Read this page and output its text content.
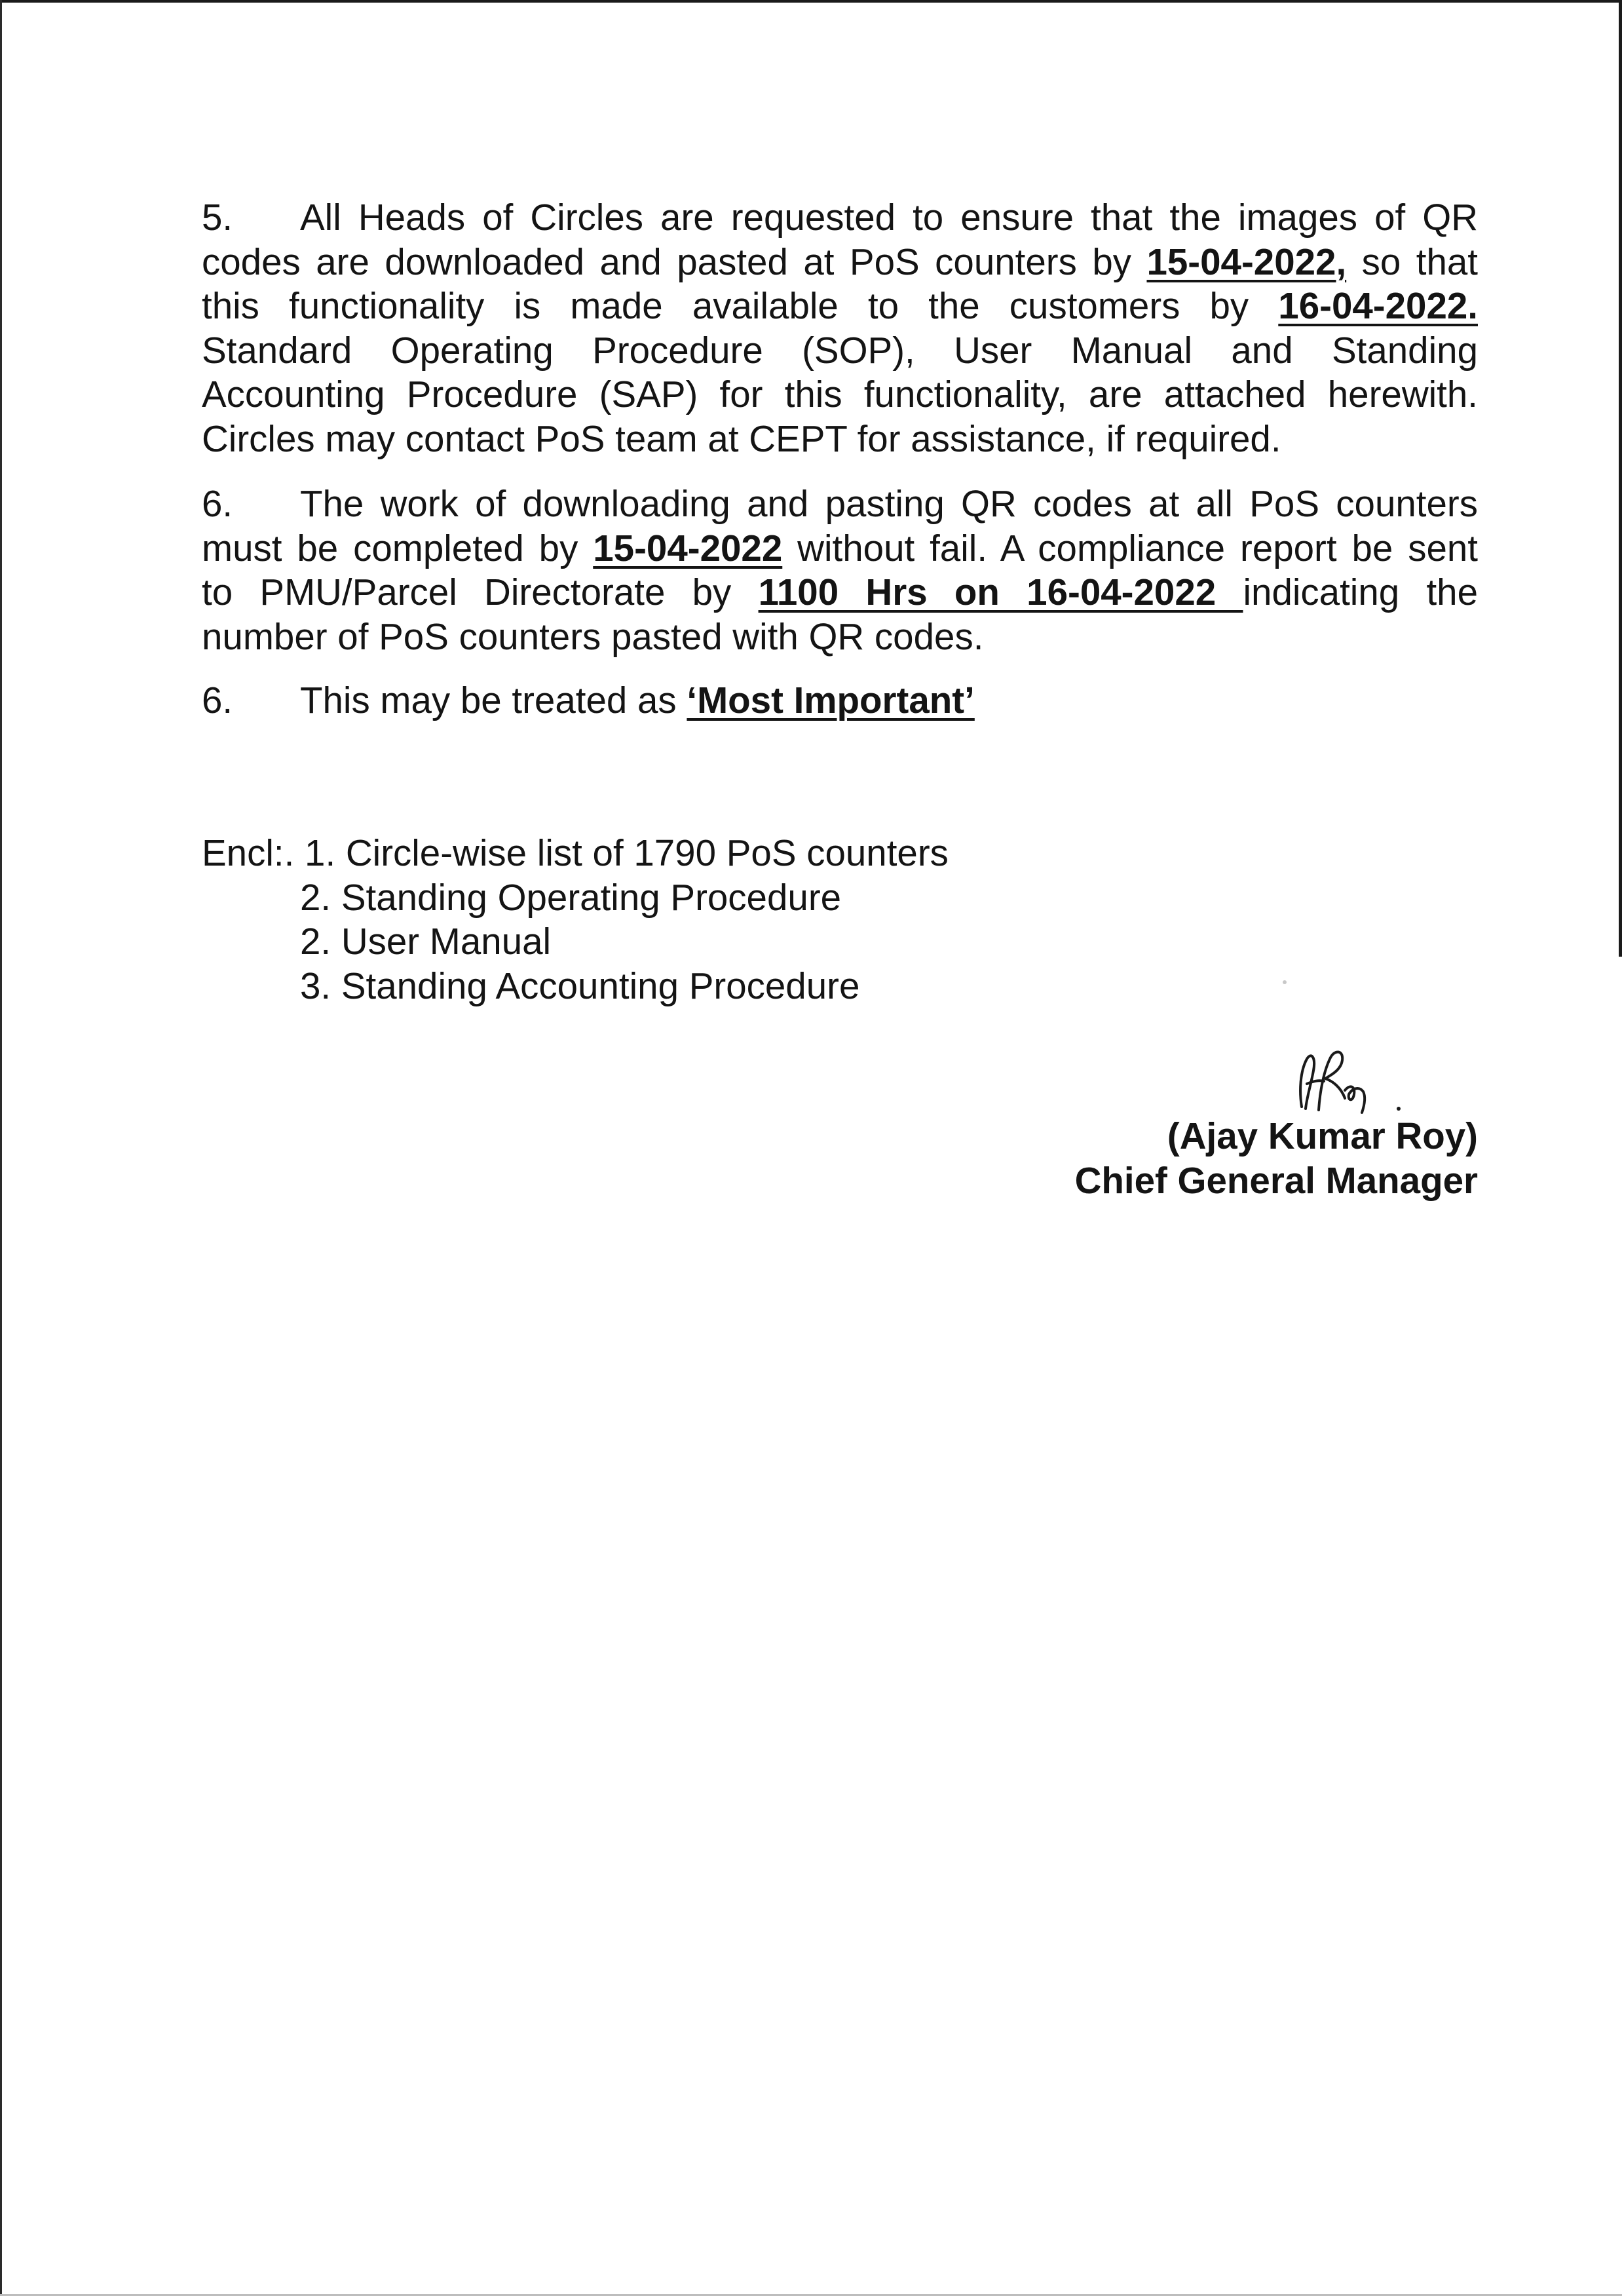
5. All Heads of Circles are requested to ensure that the images of QR
codes are downloaded and pasted at PoS counters by 15-04-2022, so that
this functionality is made available to the customers by 16-04-2022.
Standard Operating Procedure (SOP), User Manual and Standing
Accounting Procedure (SAP) for this functionality, are attached herewith.
Circles may contact PoS team at CEPT for assistance, if required.
6. The work of downloading and pasting QR codes at all PoS counters
must be completed by 15-04-2022 without fail. A compliance report be sent
to PMU/Parcel Directorate by 1100 Hrs on 16-04-2022 indicating the
number of PoS counters pasted with QR codes.
6. This may be treated as ‘Most Important’
Encl:. 1. Circle-wise list of 1790 PoS counters
2. Standing Operating Procedure
2. User Manual
3. Standing Accounting Procedure
(Ajay Kumar Roy)
Chief General Manager
